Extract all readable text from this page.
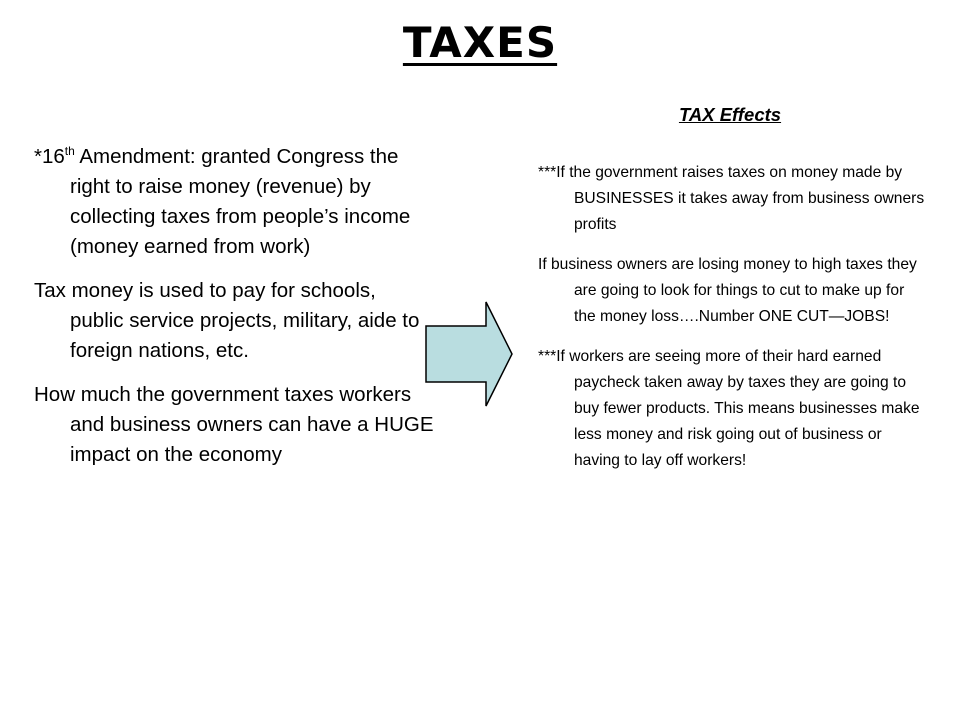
TAXES

*16th Amendment: granted Congress the right to raise money (revenue) by collecting taxes from people’s income (money earned from work)

Tax money is used to pay for schools, public service projects, military, aide to foreign nations, etc.

How much the government taxes workers and business owners can have a HUGE impact on the economy

TAX Effects

***If the government raises taxes on money made by BUSINESSES it takes away from business owners profits

If business owners are losing money to high taxes they are going to look for things to cut to make up for the money loss….Number ONE CUT—JOBS!

***If workers are seeing more of their hard earned paycheck taken away by taxes they are going to buy fewer products. This means businesses make less money and risk going out of business or having to lay off workers!
